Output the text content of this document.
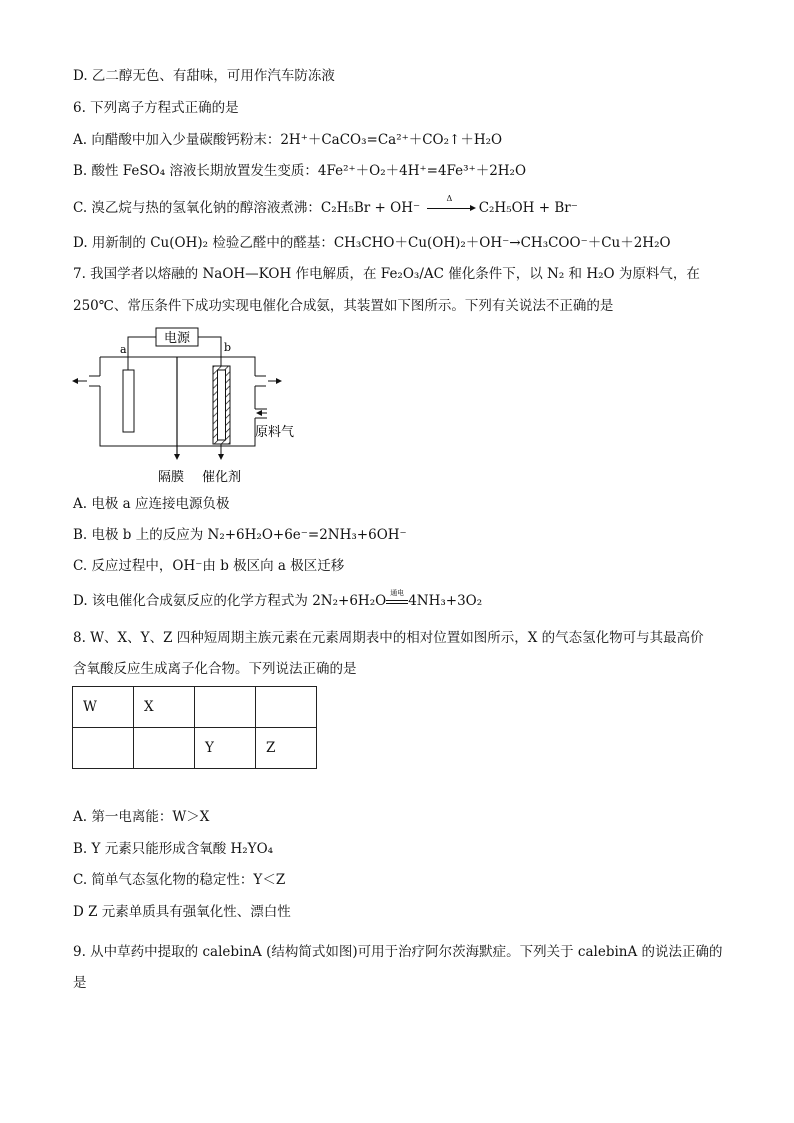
D. 乙二醇无色、有甜味，可用作汽车防冻液
6. 下列离子方程式正确的是
A. 向醋酸中加入少量碳酸钙粉末：2H⁺＋CaCO₃=Ca²⁺＋CO₂↑＋H₂O
B. 酸性 FeSO₄ 溶液长期放置发生变质：4Fe²⁺＋O₂＋4H⁺=4Fe³⁺＋2H₂O
C. 溴乙烷与热的氢氧化钠的醇溶液煮沸：C₂H₅Br + OH⁻
Δ
C₂H₅OH + Br⁻
D. 用新制的 Cu(OH)₂ 检验乙醛中的醛基：CH₃CHO＋Cu(OH)₂＋OH⁻→CH₃COO⁻＋Cu＋2H₂O
7. 我国学者以熔融的 NaOH—KOH 作电解质，在 Fe₂O₃/AC 催化条件下，以 N₂ 和 H₂O 为原料气，在
250℃、常压条件下成功实现电催化合成氨，其装置如下图所示。下列有关说法不正确的是
电源
a	b
原料气
隔膜 催化剂
A. 电极 a 应连接电源负极
B. 电极 b 上的反应为 N₂+6H₂O+6e⁻=2NH₃+6OH⁻
C. 反应过程中，OH⁻由 b 极区向 a 极区迁移
D. 该电催化合成氨反应的化学方程式为 2N₂+6H₂O 通电 4NH₃+3O₂
8. W、X、Y、Z 四种短周期主族元素在元素周期表中的相对位置如图所示，X 的气态氢化物可与其最高价
含氧酸反应生成离子化合物。下列说法正确的是
W	X		
		Y	Z
A. 第一电离能：W＞X
B. Y 元素只能形成含氧酸 H₂YO₄
C. 简单气态氢化物的稳定性：Y＜Z
D Z 元素单质具有强氧化性、漂白性
9. 从中草药中提取的 calebinA (结构简式如图)可用于治疗阿尔茨海默症。下列关于 calebinA 的说法正确的
是
